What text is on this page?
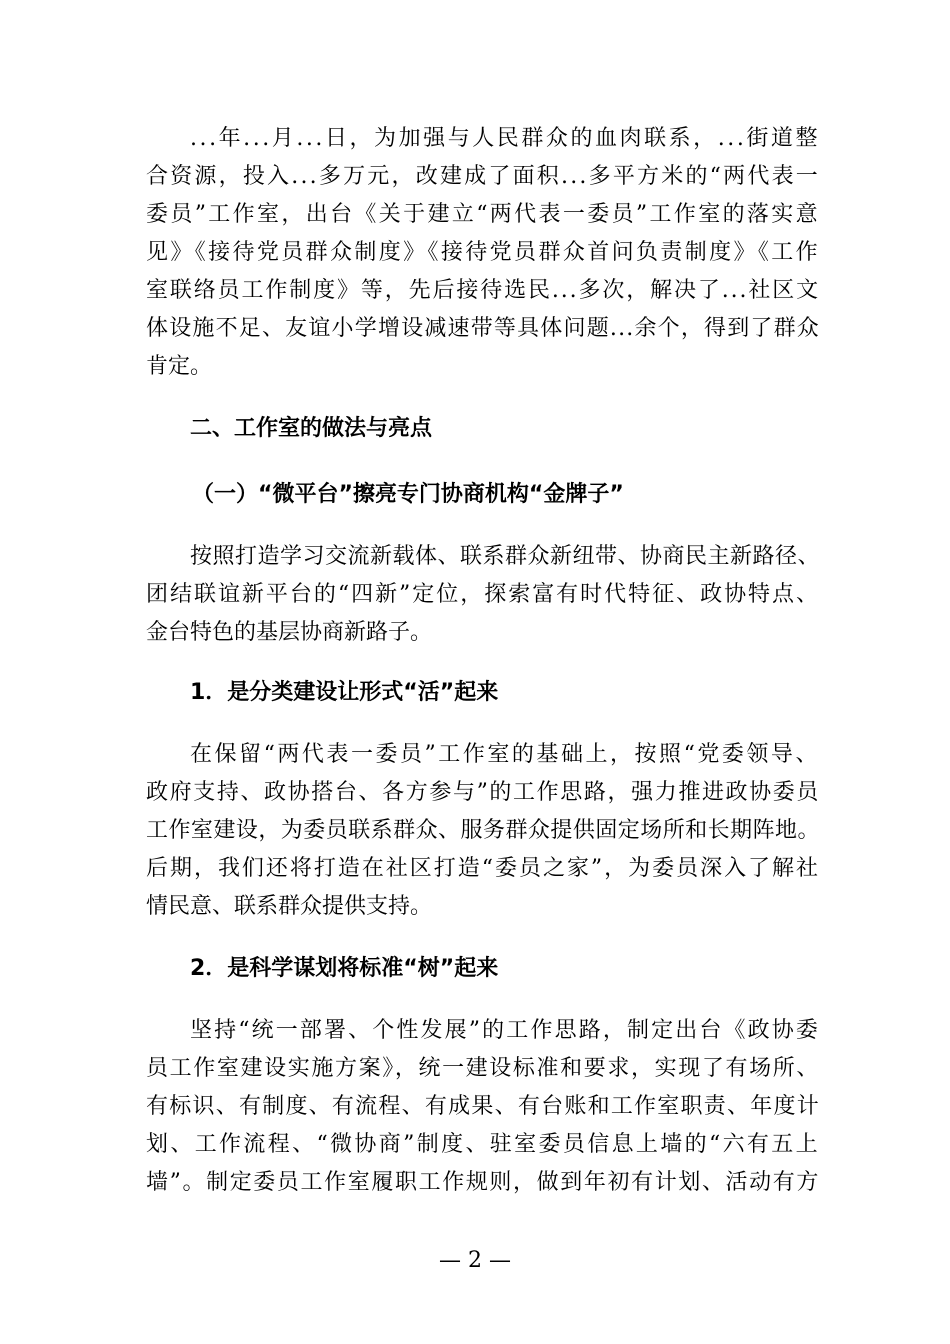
...年...月...日，为加强与人民群众的血肉联系，...街道整
合资源，投入...多万元，改建成了面积...多平方米的“两代表一
委员”工作室，出台《关于建立“两代表一委员”工作室的落实意
见》《接待党员群众制度》《接待党员群众首问负责制度》《工作
室联络员工作制度》等，先后接待选民...多次，解决了...社区文
体设施不足、友谊小学增设减速带等具体问题...余个，得到了群众
肯定。
二、工作室的做法与亮点
（一）“微平台”擦亮专门协商机构“金牌子”
按照打造学习交流新载体、联系群众新纽带、协商民主新路径、
团结联谊新平台的“四新”定位，探索富有时代特征、政协特点、
金台特色的基层协商新路子。
1．是分类建设让形式“活”起来
在保留“两代表一委员”工作室的基础上，按照“党委领导、
政府支持、政协搭台、各方参与”的工作思路，强力推进政协委员
工作室建设，为委员联系群众、服务群众提供固定场所和长期阵地。
后期，我们还将打造在社区打造“委员之家”，为委员深入了解社
情民意、联系群众提供支持。
2．是科学谋划将标准“树”起来
坚持“统一部署、个性发展”的工作思路，制定出台《政协委
员工作室建设实施方案》，统一建设标准和要求，实现了有场所、
有标识、有制度、有流程、有成果、有台账和工作室职责、年度计
划、工作流程、“微协商”制度、驻室委员信息上墙的“六有五上
墙”。制定委员工作室履职工作规则，做到年初有计划、活动有方
— 2 —
